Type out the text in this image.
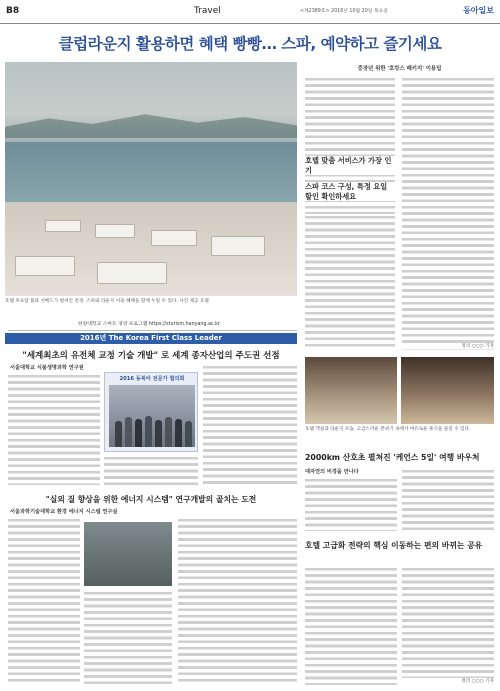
B8	Travel	<제2389호> 2016년 10월 20일 목요일	동아일보
클럽라운지 활용하면 혜택 빵빵… 스파, 예약하고 즐기세요
호텔 루프탑 풀과 선베드가 펼쳐진 전경. 스파와 라운지 이용 혜택을 함께 누릴 수 있다. 사진 제공 호텔
중장년 위한 '호캉스 패키지' 이용팁
호텔 맞춤 서비스가 가장 인기
스파 코스 구성, 특정 요일 할인 확인하세요
정리 ○○○ 기자
한양대학교 스마트 경영 프로그램 https://sturism.hanyang.ac.kr
2016년 The Korea First Class Leader
"세계최초의 유전체 교정 기술 개발" 로 세계 종자산업의 주도권 선점
서울대학교 식품생명과학 연구원
2016 동북아 전문가 협의회
"실외 질 향상을 위한 에너지 시스템" 연구개발의 골치는 도전
서울과학기술대학교 환경 에너지 시스템 연구실
호텔 객실과 라운지 모습. 고급스러운 분위기 속에서 여유로운 휴식을 즐길 수 있다.
2000km 산호초 펼쳐진 '케언스 5일' 여행 바우처
대자연의 비경을 만나다
호텔 고급화 전략의 핵심 이동하는 편의 바뀌는 공유
정리 ○○○ 기자
